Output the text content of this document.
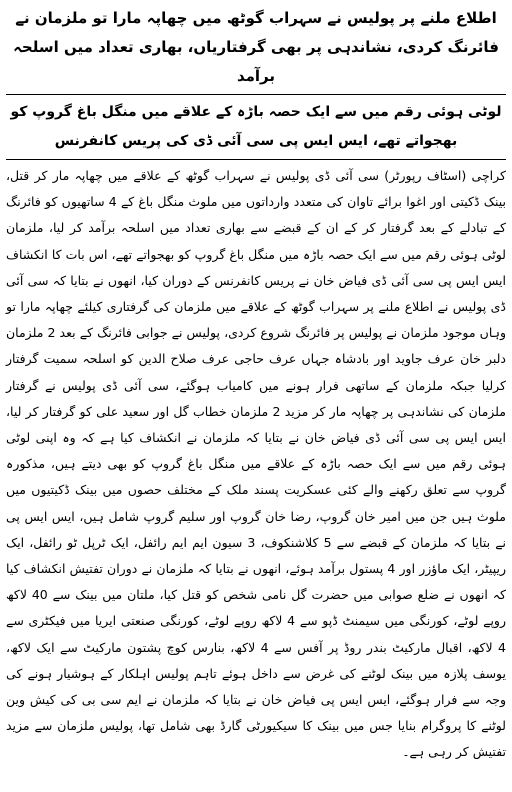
اطلاع ملنے پر پولیس نے سہراب گوٹھ میں چھاپہ مارا تو ملزمان نے فائرنگ کردی، نشاندہی پر بھی گرفتاریاں، بھاری تعداد میں اسلحہ برآمد

لوٹی ہوئی رقم میں سے ایک حصہ باڑہ کے علاقے میں منگل باغ گروپ کو بھجواتے تھے، ایس ایس پی سی آئی ڈی کی پریس کانفرنس

کراچی (اسٹاف رپورٹر) سی آئی ڈی پولیس نے سہراب گوٹھ کے علاقے میں چھاپہ مار کر قتل، بینک ڈکیتی اور اغوا برائے تاوان کی متعدد وارداتوں میں ملوث منگل باغ کے 4 ساتھیوں کو فائرنگ کے تبادلے کے بعد گرفتار کر کے ان کے قبضے سے بھاری تعداد میں اسلحہ برآمد کر لیا، ملزمان لوٹی ہوئی رقم میں سے ایک حصہ باڑہ میں منگل باغ گروپ کو بھجواتے تھے، اس بات کا انکشاف ایس ایس پی سی آئی ڈی فیاض خان نے پریس کانفرنس کے دوران کیا، انھوں نے بتایا کہ سی آئی ڈی پولیس نے اطلاع ملنے پر سہراب گوٹھ کے علاقے میں ملزمان کی گرفتاری کیلئے چھاپہ مارا تو وہاں موجود ملزمان نے پولیس پر فائرنگ شروع کردی، پولیس نے جوابی فائرنگ کے بعد 2 ملزمان دلبر خان عرف جاوید اور بادشاہ جہاں عرف حاجی عرف صلاح الدین کو اسلحہ سمیت گرفتار کرلیا جبکہ ملزمان کے ساتھی فرار ہونے میں کامیاب ہوگئے، سی آئی ڈی پولیس نے گرفتار ملزمان کی نشاندہی پر چھاپہ مار کر مزید 2 ملزمان خطاب گل اور سعید علی کو گرفتار کر لیا، ایس ایس پی سی آئی ڈی فیاض خان نے بتایا کہ ملزمان نے انکشاف کیا ہے کہ وہ اپنی لوٹی ہوئی رقم میں سے ایک حصہ باڑہ کے علاقے میں منگل باغ گروپ کو بھی دیتے ہیں، مذکورہ گروپ سے تعلق رکھنے والے کئی عسکریت پسند ملک کے مختلف حصوں میں بینک ڈکیتیوں میں ملوث ہیں جن میں امیر خان گروپ، رضا خان گروپ اور سلیم گروپ شامل ہیں، ایس ایس پی نے بتایا کہ ملزمان کے قبضے سے 5 کلاشنکوف، 3 سیون ایم ایم رائفل، ایک ٹرپل ٹو رائفل، ایک ریپیٹر، ایک ماؤزر اور 4 پستول برآمد ہوئے، انھوں نے بتایا کہ ملزمان نے دوران تفتیش انکشاف کیا کہ انھوں نے ضلع صوابی میں حضرت گل نامی شخص کو قتل کیا، ملتان میں بینک سے 40 لاکھ روپے لوٹے، کورنگی میں سیمنٹ ڈپو سے 4 لاکھ روپے لوٹے، کورنگی صنعتی ایریا میں فیکٹری سے 4 لاکھ، اقبال مارکیٹ بندر روڈ پر آفس سے 4 لاکھ، بنارس کوچ پشتون مارکیٹ سے ایک لاکھ، یوسف پلازہ میں بینک لوٹنے کی غرض سے داخل ہوئے تاہم پولیس اہلکار کے ہوشیار ہونے کی وجہ سے فرار ہوگئے، ایس ایس پی فیاض خان نے بتایا کہ ملزمان نے ایم سی بی کی کیش وین لوٹنے کا پروگرام بنایا جس میں بینک کا سیکیورٹی گارڈ بھی شامل تھا، پولیس ملزمان سے مزید تفتیش کر رہی ہے۔
